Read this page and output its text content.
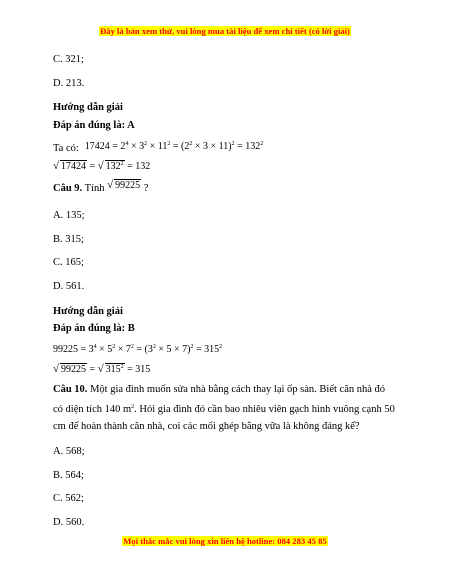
Đây là bản xem thử, vui lòng mua tài liệu để xem chi tiết (có lời giải)
C. 321;
D. 213.
Hướng dẫn giải
Đáp án đúng là: A
Ta có: $17424 = 2^4 \times 3^2 \times 11^2 = (2^2 \times 3 \times 11)^2 = 132^2$
√ 17424 = √ $132^2 = 132$
Câu 9. Tính √ 99225 ?
A. 135;
B. 315;
C. 165;
D. 561.
Hướng dẫn giải
Đáp án đúng là: B
$99225 = 3^4 \times 5^2 \times 7^2 = (3^2 \times 5 \times 7)^2 = 315^2$
√ 99225 = √ $315^2 = 315$
Câu 10. Một gia đình muốn sửa nhà bằng cách thay lại ốp sàn. Biết căn nhà đó
có diện tích 140 $m^2$. Hỏi gia đình đó cần bao nhiêu viên gạch hình vuông cạnh 50
cm để hoàn thành căn nhà, coi các mối ghép bằng vữa là không đáng kể?
A. 568;
B. 564;
C. 562;
D. 560.
Mọi thắc mắc vui lòng xin liên hệ hotline: 084 283 45 85
